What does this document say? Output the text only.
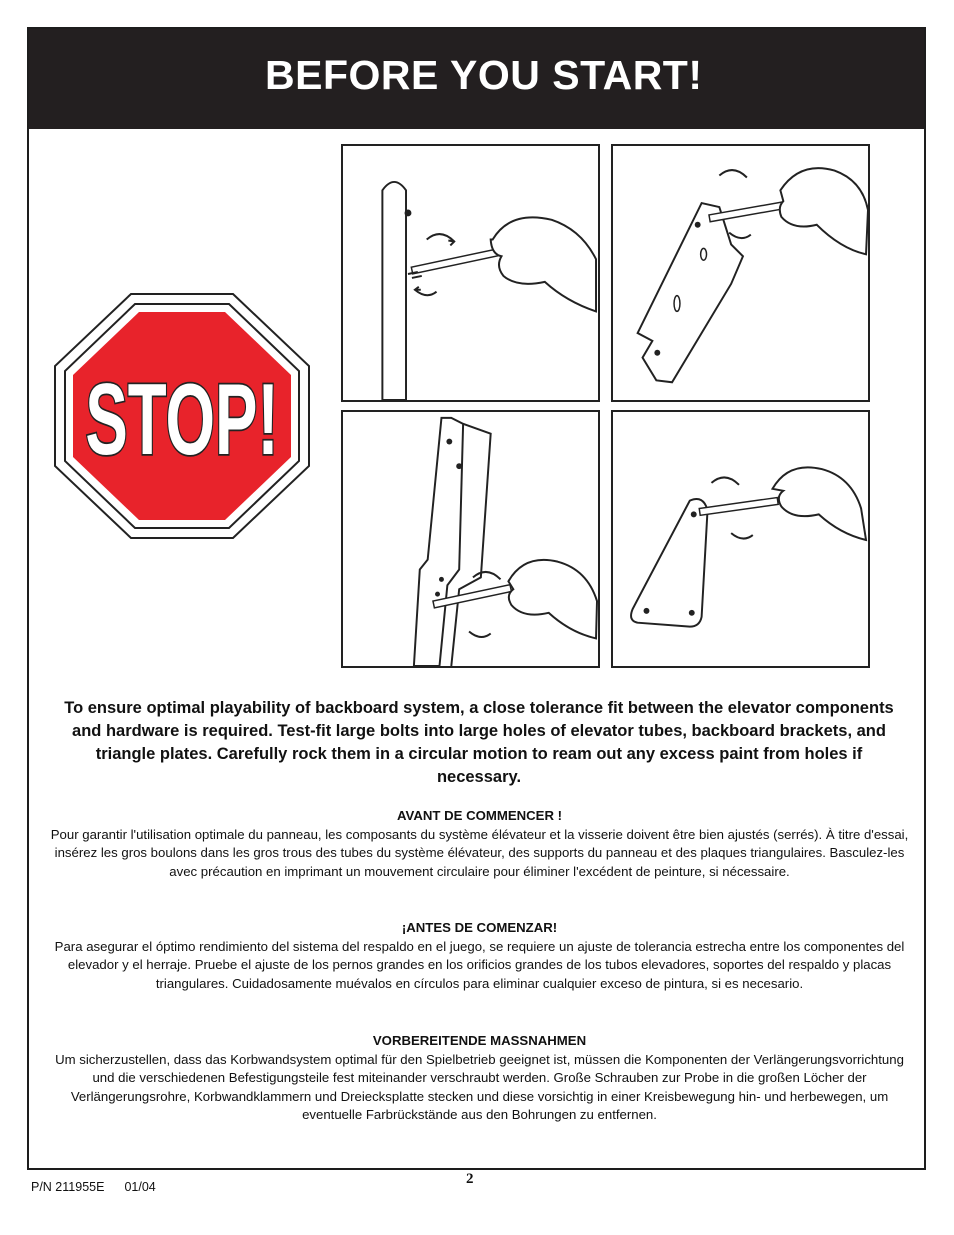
BEFORE YOU START!
STOP!
To ensure optimal playability of backboard system, a close tolerance fit between the elevator components and hardware is required. Test-fit large bolts into large holes of elevator tubes, backboard brackets, and triangle plates. Carefully rock them in a circular motion to ream out any excess paint from holes if necessary.
AVANT DE COMMENCER !
Pour garantir l'utilisation optimale du panneau, les composants du système élévateur et la visserie doivent être bien ajustés (serrés). À titre d'essai, insérez les gros boulons dans les gros trous des tubes du système élévateur, des supports du panneau et des plaques triangulaires. Basculez-les avec précaution en imprimant un mouvement circulaire pour éliminer l'excédent de peinture, si nécessaire.
¡ANTES DE COMENZAR!
Para asegurar el óptimo rendimiento del sistema del respaldo en el juego, se requiere un ajuste de tolerancia estrecha entre los componentes del elevador y el herraje. Pruebe el ajuste de los pernos grandes en los orificios grandes de los tubos elevadores, soportes del respaldo y placas triangulares. Cuidadosamente muévalos en círculos para eliminar cualquier exceso de pintura, si es necesario.
VORBEREITENDE MASSNAHMEN
Um sicherzustellen, dass das Korbwandsystem optimal für den Spielbetrieb geeignet ist, müssen die Komponenten der Verlängerungsvorrichtung und die verschiedenen Befestigungsteile fest miteinander verschraubt werden. Große Schrauben zur Probe in die großen Löcher der Verlängerungsrohre, Korbwandklammern und Dreiecksplatte stecken und diese vorsichtig in einer Kreisbewegung hin- und herbewegen, um eventuelle Farbrückstände aus den Bohrungen zu entfernen.
P/N 211955E 01/04	2
